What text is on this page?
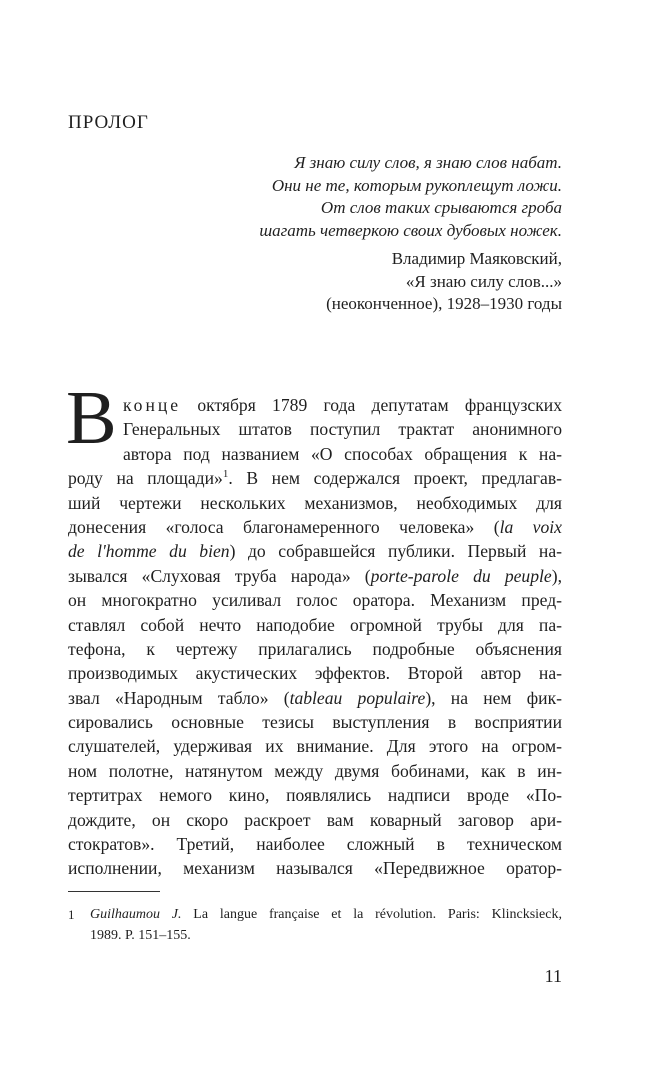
ПРОЛОГ
Я знаю силу слов, я знаю слов набат.
Они не те, которым рукоплещут ложи.
От слов таких срываются гроба
шагать четверкою своих дубовых ножек.
Владимир Маяковский,
«Я знаю силу слов...»
(неоконченное), 1928–1930 годы
В конце октября 1789 года депутатам французских
Генеральных штатов поступил трактат анонимного
автора под названием «О способах обращения к на-
роду на площади»$^1$. В нем содержался проект, предлагав-
ший чертежи нескольких механизмов, необходимых для
донесения «голоса благонамеренного человека» (la voix
de l'homme du bien) до собравшейся публики. Первый на-
зывался «Слуховая труба народа» (porte-parole du peuple),
он многократно усиливал голос оратора. Механизм пред-
ставлял собой нечто наподобие огромной трубы для па-
тефона, к чертежу прилагались подробные объяснения
производимых акустических эффектов. Второй автор на-
звал «Народным табло» (tableau populaire), на нем фик-
сировались основные тезисы выступления в восприятии
слушателей, удерживая их внимание. Для этого на огром-
ном полотне, натянутом между двумя бобинами, как в ин-
тертитрах немого кино, появлялись надписи вроде «По-
дождите, он скоро раскроет вам коварный заговор ари-
стократов». Третий, наиболее сложный в техническом
исполнении, механизм назывался «Передвижное оратор-
1 Guilhaumou J. La langue française et la révolution. Paris: Klincksieck,
1989. P. 151–155.
11
